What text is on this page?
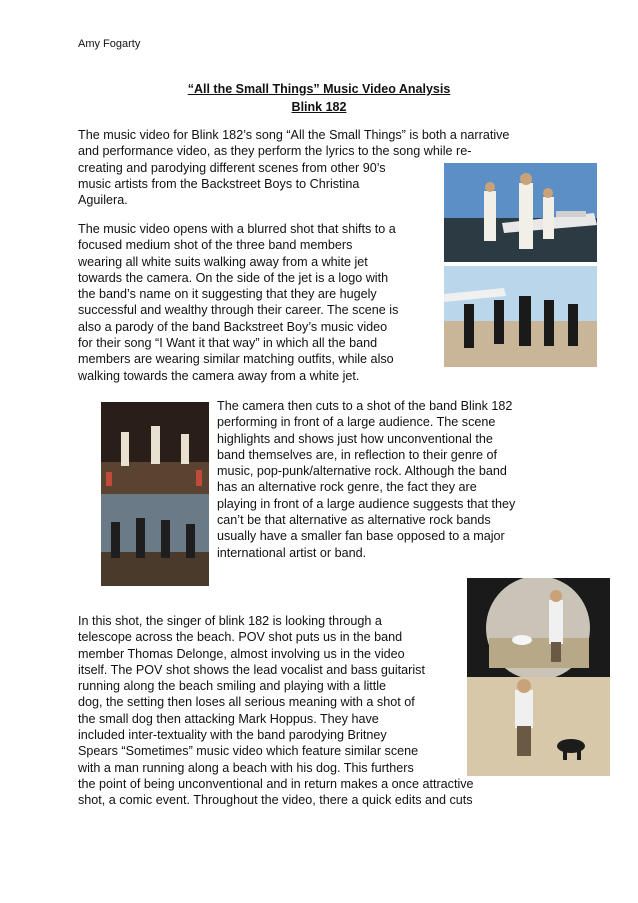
Amy Fogarty
“All the Small Things” Music Video Analysis
Blink 182
The music video for Blink 182’s song “All the Small Things” is both a narrative
and performance video, as they perform the lyrics to the song while re-
creating and parodying different scenes from other 90’s
music artists from the Backstreet Boys to Christina
Aguilera.
The music video opens with a blurred shot that shifts to a
focused medium shot of the three band members
wearing all white suits walking away from a white jet
towards the camera. On the side of the jet is a logo with
the band’s name on it suggesting that they are hugely
successful and wealthy through their career. The scene is
also a parody of the band Backstreet Boy’s music video
for their song “I Want it that way” in which all the band
members are wearing similar matching outfits, while also
walking towards the camera away from a white jet.
The camera then cuts to a shot of the band Blink 182
performing in front of a large audience. The scene
highlights and shows just how unconventional the
band themselves are, in reflection to their genre of
music, pop-punk/alternative rock. Although the band
has an alternative rock genre, the fact they are
playing in front of a large audience suggests that they
can’t be that alternative as alternative rock bands
usually have a smaller fan base opposed to a major
international artist or band.
In this shot, the singer of blink 182 is looking through a
telescope across the beach. POV shot puts us in the band
member Thomas Delonge, almost involving us in the video
itself. The POV shot shows the lead vocalist and bass guitarist
running along the beach smiling and playing with a little
dog, the setting then loses all serious meaning with a shot of
the small dog then attacking Mark Hoppus. They have
included inter-textuality with the band parodying Britney
Spears “Sometimes” music video which feature similar scene
with a man running along a beach with his dog. This furthers
the point of being unconventional and in return makes a once attractive
shot, a comic event. Throughout the video, there a quick edits and cuts
